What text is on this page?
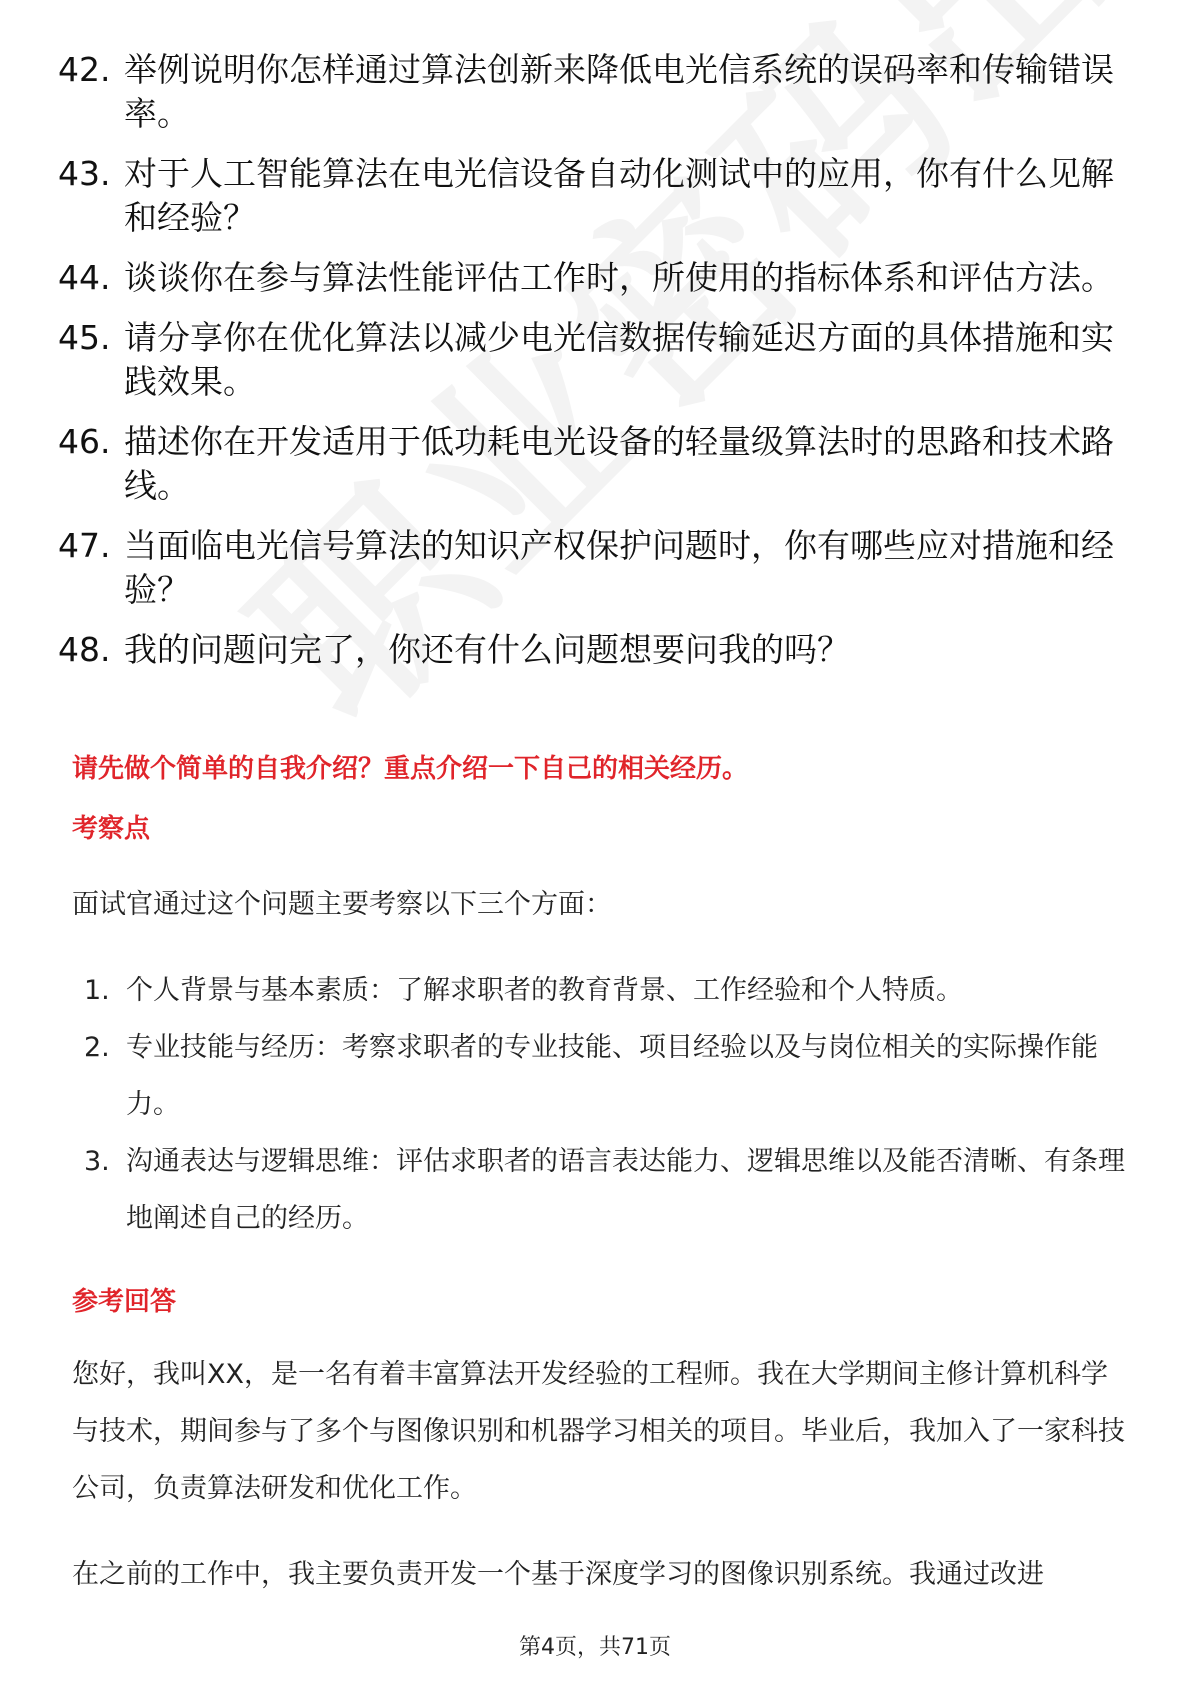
42. 举例说明你怎样通过算法创新来降低电光信系统的误码率和传输错误率。
43. 对于人工智能算法在电光信设备自动化测试中的应用，你有什么见解和经验？
44. 谈谈你在参与算法性能评估工作时，所使用的指标体系和评估方法。
45. 请分享你在优化算法以减少电光信数据传输延迟方面的具体措施和实践效果。
46. 描述你在开发适用于低功耗电光设备的轻量级算法时的思路和技术路线。
47. 当面临电光信号算法的知识产权保护问题时，你有哪些应对措施和经验？
48. 我的问题问完了，你还有什么问题想要问我的吗？
请先做个简单的自我介绍？重点介绍一下自己的相关经历。
考察点
面试官通过这个问题主要考察以下三个方面：
1. 个人背景与基本素质：了解求职者的教育背景、工作经验和个人特质。
2. 专业技能与经历：考察求职者的专业技能、项目经验以及与岗位相关的实际操作能力。
3. 沟通表达与逻辑思维：评估求职者的语言表达能力、逻辑思维以及能否清晰、有条理地阐述自己的经历。
参考回答
您好，我叫XX，是一名有着丰富算法开发经验的工程师。我在大学期间主修计算机科学与技术，期间参与了多个与图像识别和机器学习相关的项目。毕业后，我加入了一家科技公司，负责算法研发和优化工作。
在之前的工作中，我主要负责开发一个基于深度学习的图像识别系统。我通过改进
第4页，共71页
